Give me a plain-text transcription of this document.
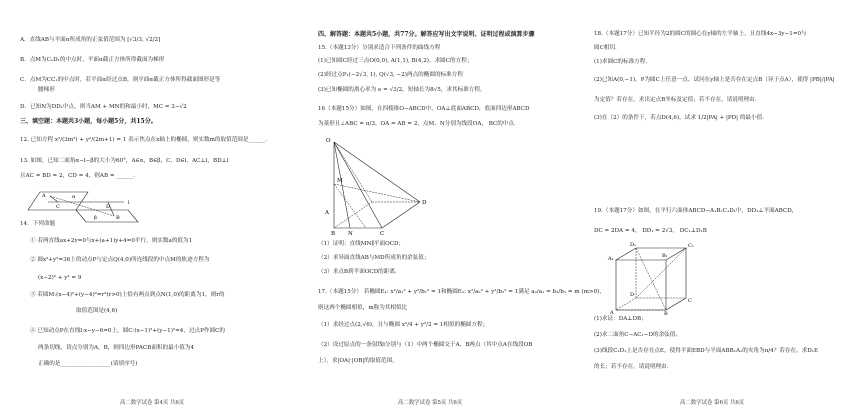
A．直线AB与平面α所成角的正弦值范围为 [√3/3, √2/2]
B．点M为C₁D₁的中点时，平面α截正方体所得截面为梯形
C．点M为CC₁的中点时，若平面α经过点B，则平面α截正方体所得截面图形是等
腰梯形
D．已知N为DD₁中点，则当AM + MN的和最小时，MC = 2−√2
三、填空题：本题共3小题，每小题5分，共15分。
12. 已知方程 x²/(3m²) + y²/(2m+1) = 1 表示焦点在x轴上的椭圆，则实数m的取值范围是______.
13. 如图，已知二面角α−l−β的大小为60°，A∈α，B∈β，C，D∈l，AC⊥l，BD⊥l
且AC = BD = 2，CD = 4，则AB = ______.
14．下列命题
① 若两直线ax+2y=0与x+(a+1)y+4=0平行，则实数a的值为1
② 圆x²+y²=36上的动点P与定点Q(4,0)所连线段的中点M的轨迹方程为
(x−2)² + y² = 9
③ 若圆M:(x−4)²+(y−4)²=r²(r>0)上恰有两点到点N(1,0)的距离为1，则r的
取值范围是(4,6)
④ 已知动点P在直线l:x−y−6=0上，圆C:(x−1)²+(y−1)²=4，过点P作圆C的
两条切线，切点分别为A，B，则四边形PACB面积的最小值为4
正确的是__________________(请填序号)
A
B
C	D
α
β
l
高二数学试卷 第4页 共6页
四、解答题：本题共5小题，共77分。解答应写出文字说明、证明过程或演算步骤
15.（本题13分）分别求适合下列条件的曲线方程
(1)已知圆C经过三点O(0,0), A(1,1), B(4,2)，求圆C的方程；
(2)经过点P₁(−2√3, 1), Q(√3, −2)两点的椭圆的标准方程
(3)已知椭圆的离心率为 e = √3/2，短轴长为8√5，求其标准方程。
16（本题15分）如图，在四棱锥O−ABCD中，OA⊥底面ABCD，底面四边形ABCD
为菱形且∠ABC = π/3，OA = AB = 2，点M、N分别为线段OA， BC的中点.
（1）证明：直线MN∥平面OCD；
（2）求异面直线AB与MD所成角的余弦值；
（3）求点B到平面OCD的距离.
17.（本题15分） 若椭圆E₁: x²/a₁² + y²/b₁² = 1和椭圆E₂: x²/a₂² + y²/b₂² = 1满足 a₂/a₁ = b₂/b₁ = m (m>0)，
则这两个椭圆相似，m称为其相似比
（1）求经过点(2,√6)，且与椭圆 x²/4 + y²/2 = 1相似的椭圆方程；
（2）设过原点的一条射线l分别与（1）中两个椭圆交于A，B两点（其中点A在线段OB
上），求|OA|·|OB|的取值范围。
O
M
A
B N	C
D
高二数学试卷 第5页 共6页
18.（本题17分）已知半径为2的圆C的圆心在y轴的左半轴上，且直线4x−3y−1=0与
圆C相切.
(1)求圆C的标准方程.
(2)已知A(0,−1)，P为圆C上任意一点，试问在y轴上是否存在定点B（异于点A），使得 |PB|/|PA|
为定值？若存在，求出定点B坐标及定值；若不存在，请说明理由.
(3)在（2）的条件下，若点D(4,6)，试求 1/2|PA| + |PD| 的最小值.
19.（本题17分）如图，在平行六面体ABCD−A₁B₁C₁D₁中，DD₁⊥平面ABCD，
DC = 2DA = 4， DD₁ = 2√3， DC₁⊥D₁B
(1)求证：DA⊥DB；
(2)求二面角C−AC₁−D的余弦值；
(3)线段C₁D₁上是否存在点E，使得平面EBD与平面ABB₁A₁的夹角为π/4？若存在，求D₁E
的长；若不存在，请说明理由.
A₁	B₁
C₁
D₁
A	B
C
D
高二数学试卷 第6页 共6页
